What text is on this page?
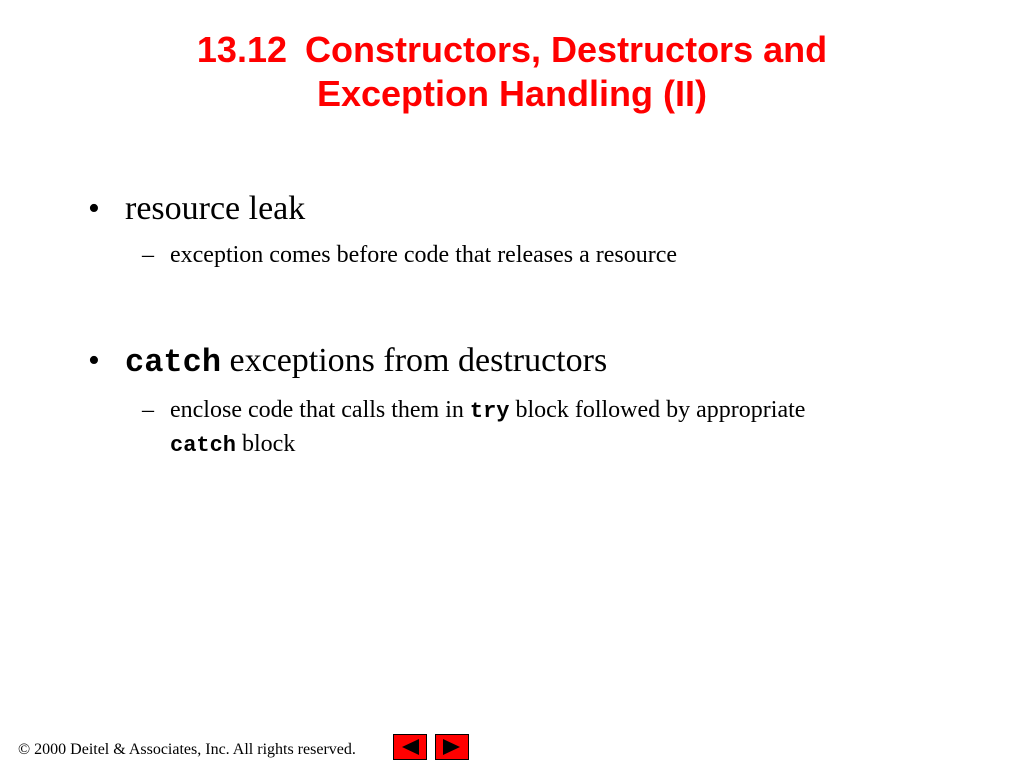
13.12 Constructors, Destructors and
Exception Handling (II)
• resource leak
– exception comes before code that releases a resource
• catch exceptions from destructors
– enclose code that calls them in try block followed by appropriate
catch block
© 2000 Deitel & Associates, Inc. All rights reserved.
